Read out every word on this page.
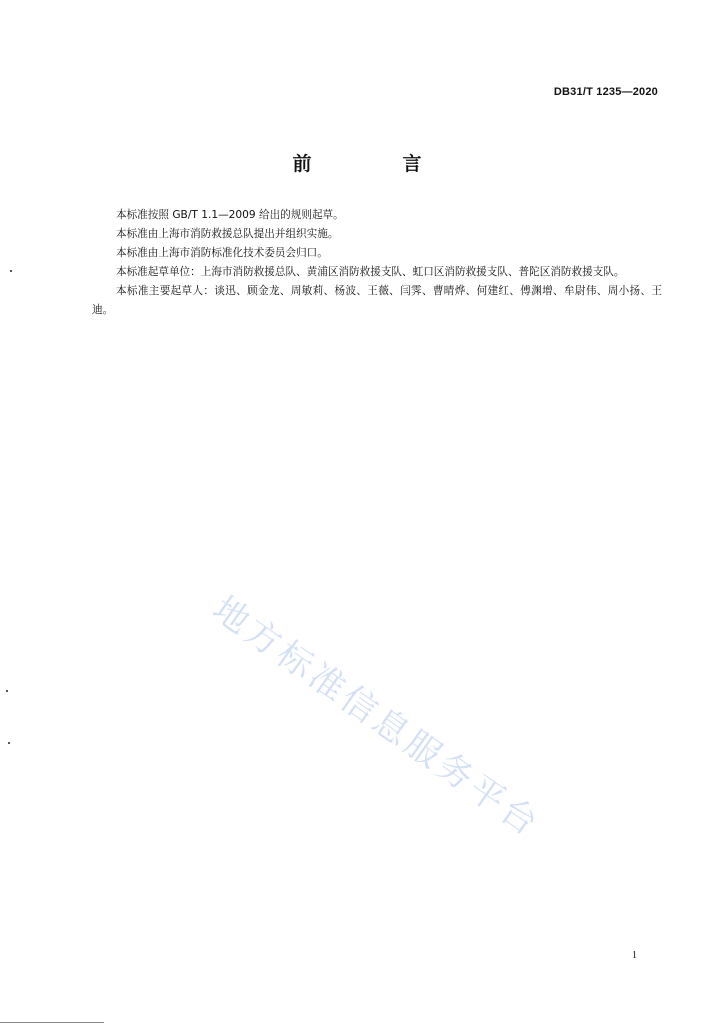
DB31/T 1235—2020
前　言

本标准按照 GB/T 1.1—2009 给出的规则起草。

本标准由上海市消防救援总队提出并组织实施。

本标准由上海市消防标准化技术委员会归口。

本标准起草单位：上海市消防救援总队、黄浦区消防救援支队、虹口区消防救援支队、普陀区消防救援支队。

本标准主要起草人：谈迅、顾金龙、周敏莉、杨波、王薇、闫霁、曹晴烨、何建红、傅渊增、牟尉伟、周小扬、王迪。

地方标准信息服务平台
1
